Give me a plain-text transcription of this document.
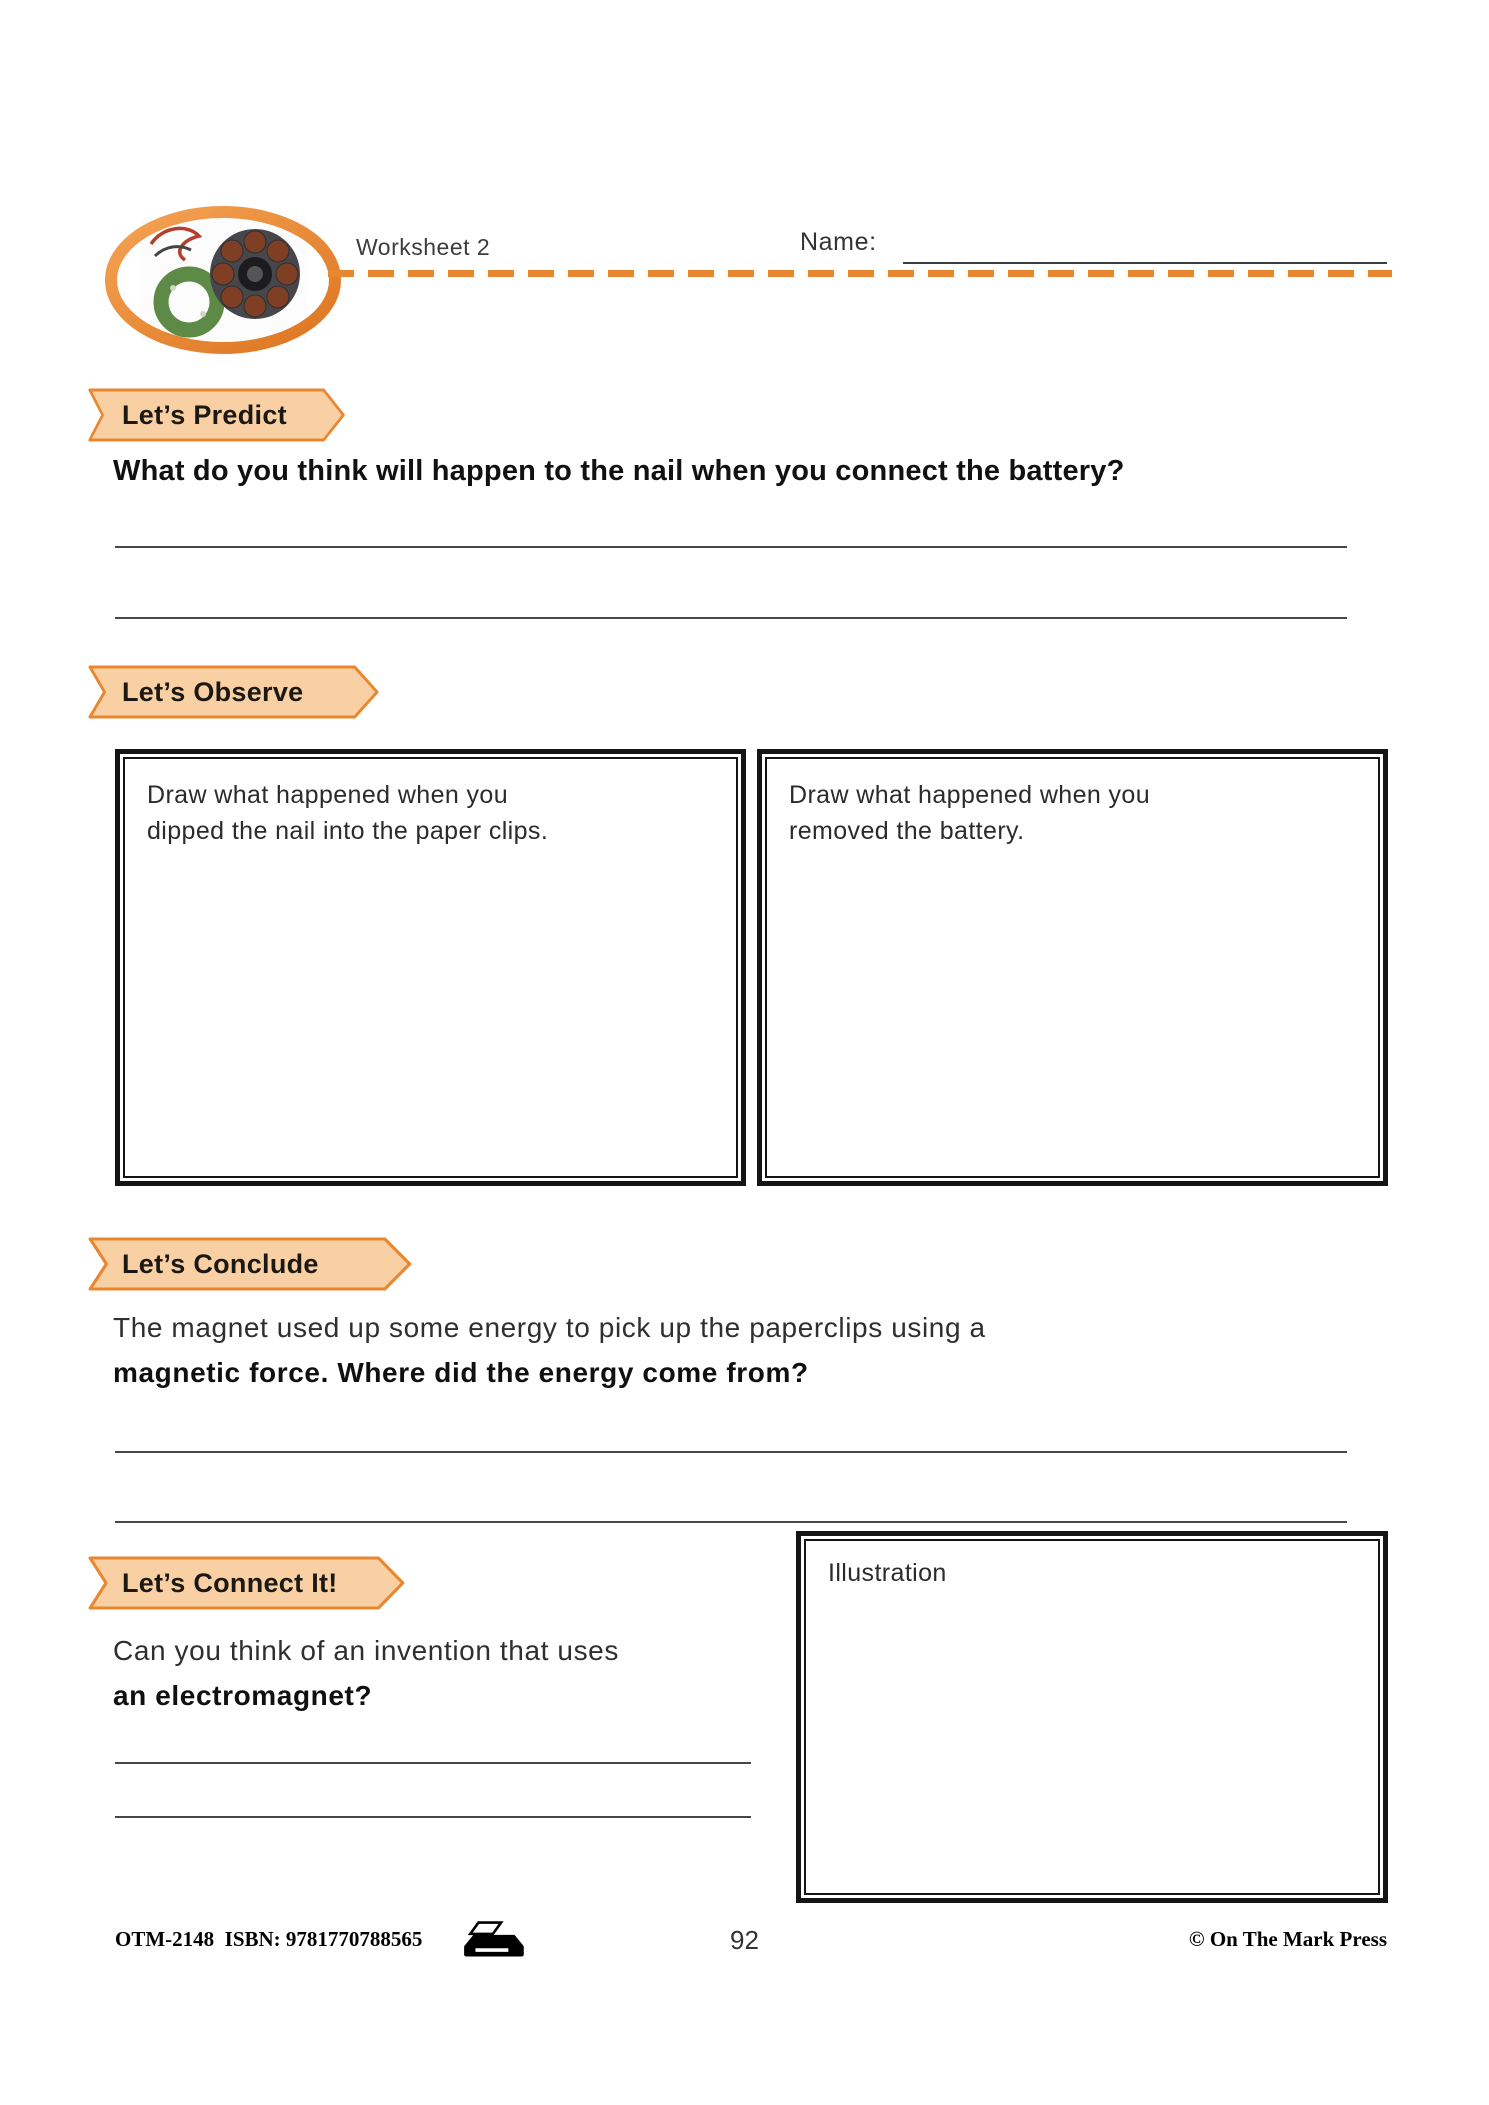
Worksheet 2	Name:
Let’s Predict
What do you think will happen to the nail when you connect the battery?
Let’s Observe
Draw what happened when you
dipped the nail into the paper clips.
Draw what happened when you
removed the battery.
Let’s Conclude
The magnet used up some energy to pick up the paperclips using a
magnetic force. Where did the energy come from?
Illustration
Let’s Connect It!
Can you think of an invention that uses
an electromagnet?
OTM-2148  ISBN: 9781770788565	92	© On The Mark Press
